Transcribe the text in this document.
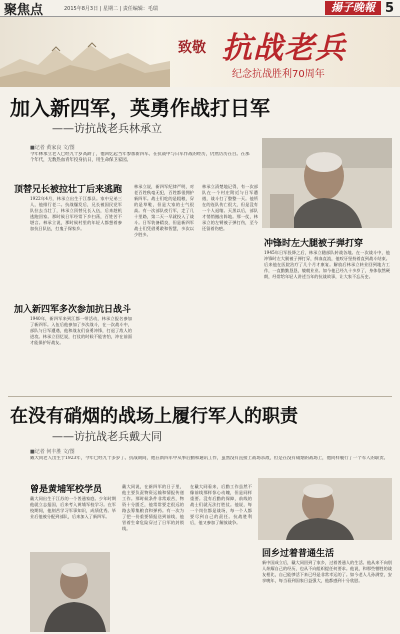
聚焦点	2015年8月3日 | 星期二 | 责任编辑：毛瑞	揚子晚報 5
致敬 抗战老兵
纪念抗战胜利70周年
加入新四军，英勇作战打日军
——访抗战老兵林承立
■记者 黄家良 文/图
今年林承立老人已经九十岁高龄了，他回忆起当年参加新四军、在抗战中与日军作战的经历，仍然历历在目。在那个年代，无数热血青年投身抗日，用生命保卫家园。
顶替兄长被拉壮丁后来逃跑
1922年4月，林承立出生于江都县。家中兄弟三人，他排行老二。抗战爆发后，兄长被国民党军队拉去当壮丁，林承立顶替兄长入伍，后来趁机逃跑回家。那时候日军经常下乡扫荡，百姓苦不堪言。林承立说，那时候村里的年轻人都想着参加抗日队伍，打鬼子保家乡。
林承立说，新四军纪律严明，对老百姓秋毫无犯，百姓都很拥护新四军。战士们吃的是粗粮，穿的是草鞋，但是大家的士气很高。有一次部队夜行军，走了几十里路，第二天一早就投入了战斗。日军装备精良，但是新四军战士们凭借勇敢和智慧，多次以少胜多。
林承立清楚地记得，有一次部队在一个村庄附近与日军遭遇，战斗打了整整一天。他所在的连队伤亡很大，但是没有一个人退缩。天黑以后，部队才悄悄撤出阵地。那一仗，林承立的左臂被子弹打伤，至今还留着伤疤。
加入新四军多次参加抗日战斗
1940年，新四军来到江都一带活动，林承立报名参加了新四军。入伍后他参加了多次战斗，在一次战斗中，部队与日军遭遇，他和战友们奋勇冲锋，打退了敌人的进攻。林承立回忆说，打仗的时候不能害怕，冲在前面才能保护好战友。
冲锋时左大腿被子弹打穿
1945年日军投降之后，林承立随部队转战各地。在一次战斗中，他冲锋时左大腿被子弹打穿，鲜血直流，他咬牙坚持着直到战斗结束。后来他在医院治疗了几个月才康复。解放后林承立转业回到地方工作，一直勤勤恳恳，兢兢业业。如今他已经九十多岁了，身体依然硬朗，经常给年轻人讲述当年的抗战故事，让大家不忘历史。
在没有硝烟的战场上履行军人的职责
——访抗战老兵戴大同
■记者 何丰胜 文/图
戴大同老人出生于1923年，今年已经九十多岁了。抗战期间，他在新四军中从事后勤和通讯工作，虽然没有直接上战场杀敌，但是在没有硝烟的战场上，他同样履行了一个军人的职责。
曾是黄埔军校学员
戴大同出生于江苏的一个普通家庭。少年时期他就立志报国，后来考入黄埔军校学习。在军校期间，他刻苦学习军事知识，成绩优秀。毕业后他被分配到部队，后来加入了新四军。
戴大同说，在新四军的日子里，他主要负责物资运输和情报传递工作。那时候条件非常艰苦，物资十分匮乏，他常常要走很远的路去筹集粮食和弹药。有一次为了把一份重要情报送到前线，他冒着生命危险穿过了日军的封锁线。
在戴大同看来，后勤工作虽然不像前线那样惊心动魄，但是同样重要。没有后勤的保障，前线的战士们就无法打胜仗。他说，每一个岗位都是战场，每一个人都要尽到自己的责任。抗战胜利后，他又参加了解放战争。
回乡过着普通生活
新中国成立后，戴大同回到了家乡，过着普通人的生活。他从来不向别人炫耀自己的经历，也从不向组织提任何要求。他说，和那些牺牲的战友相比，自己能够活下来已经是非常幸运的了。如今老人儿孙满堂，安享晚年，每当看到国家日益强大，他都感到十分欣慰。
